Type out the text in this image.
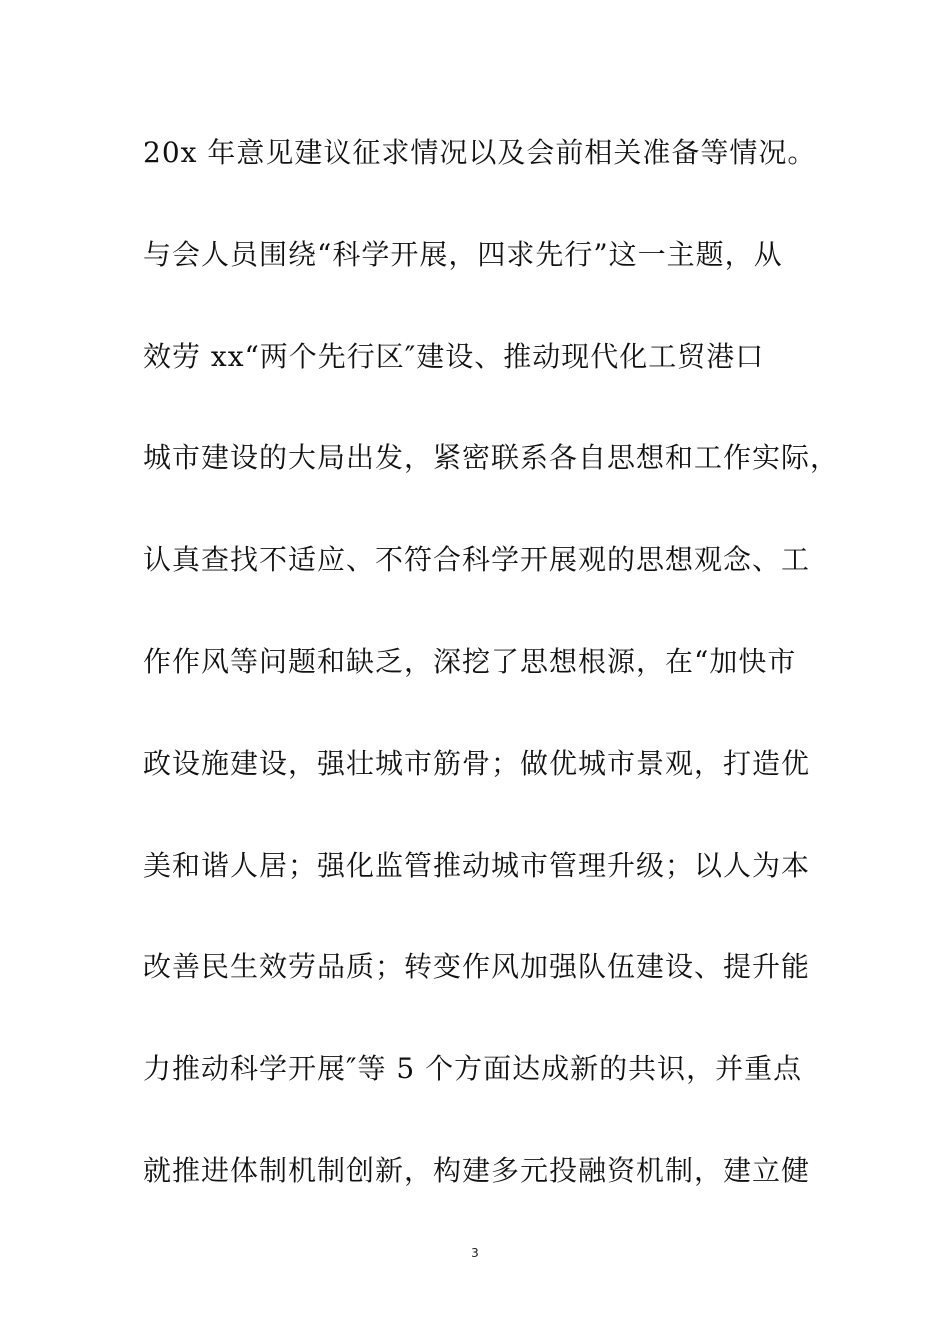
20x 年意见建议征求情况以及会前相关准备等情况。
与会人员围绕“科学开展，四求先行”这一主题，从
效劳 xx“两个先行区″建设、推动现代化工贸港口
城市建设的大局出发，紧密联系各自思想和工作实际，
认真查找不适应、不符合科学开展观的思想观念、工
作作风等问题和缺乏，深挖了思想根源，在“加快市
政设施建设，强壮城市筋骨；做优城市景观，打造优
美和谐人居；强化监管推动城市管理升级；以人为本
改善民生效劳品质；转变作风加强队伍建设、提升能
力推动科学开展″等 5 个方面达成新的共识，并重点
就推进体制机制创新，构建多元投融资机制，建立健
3
